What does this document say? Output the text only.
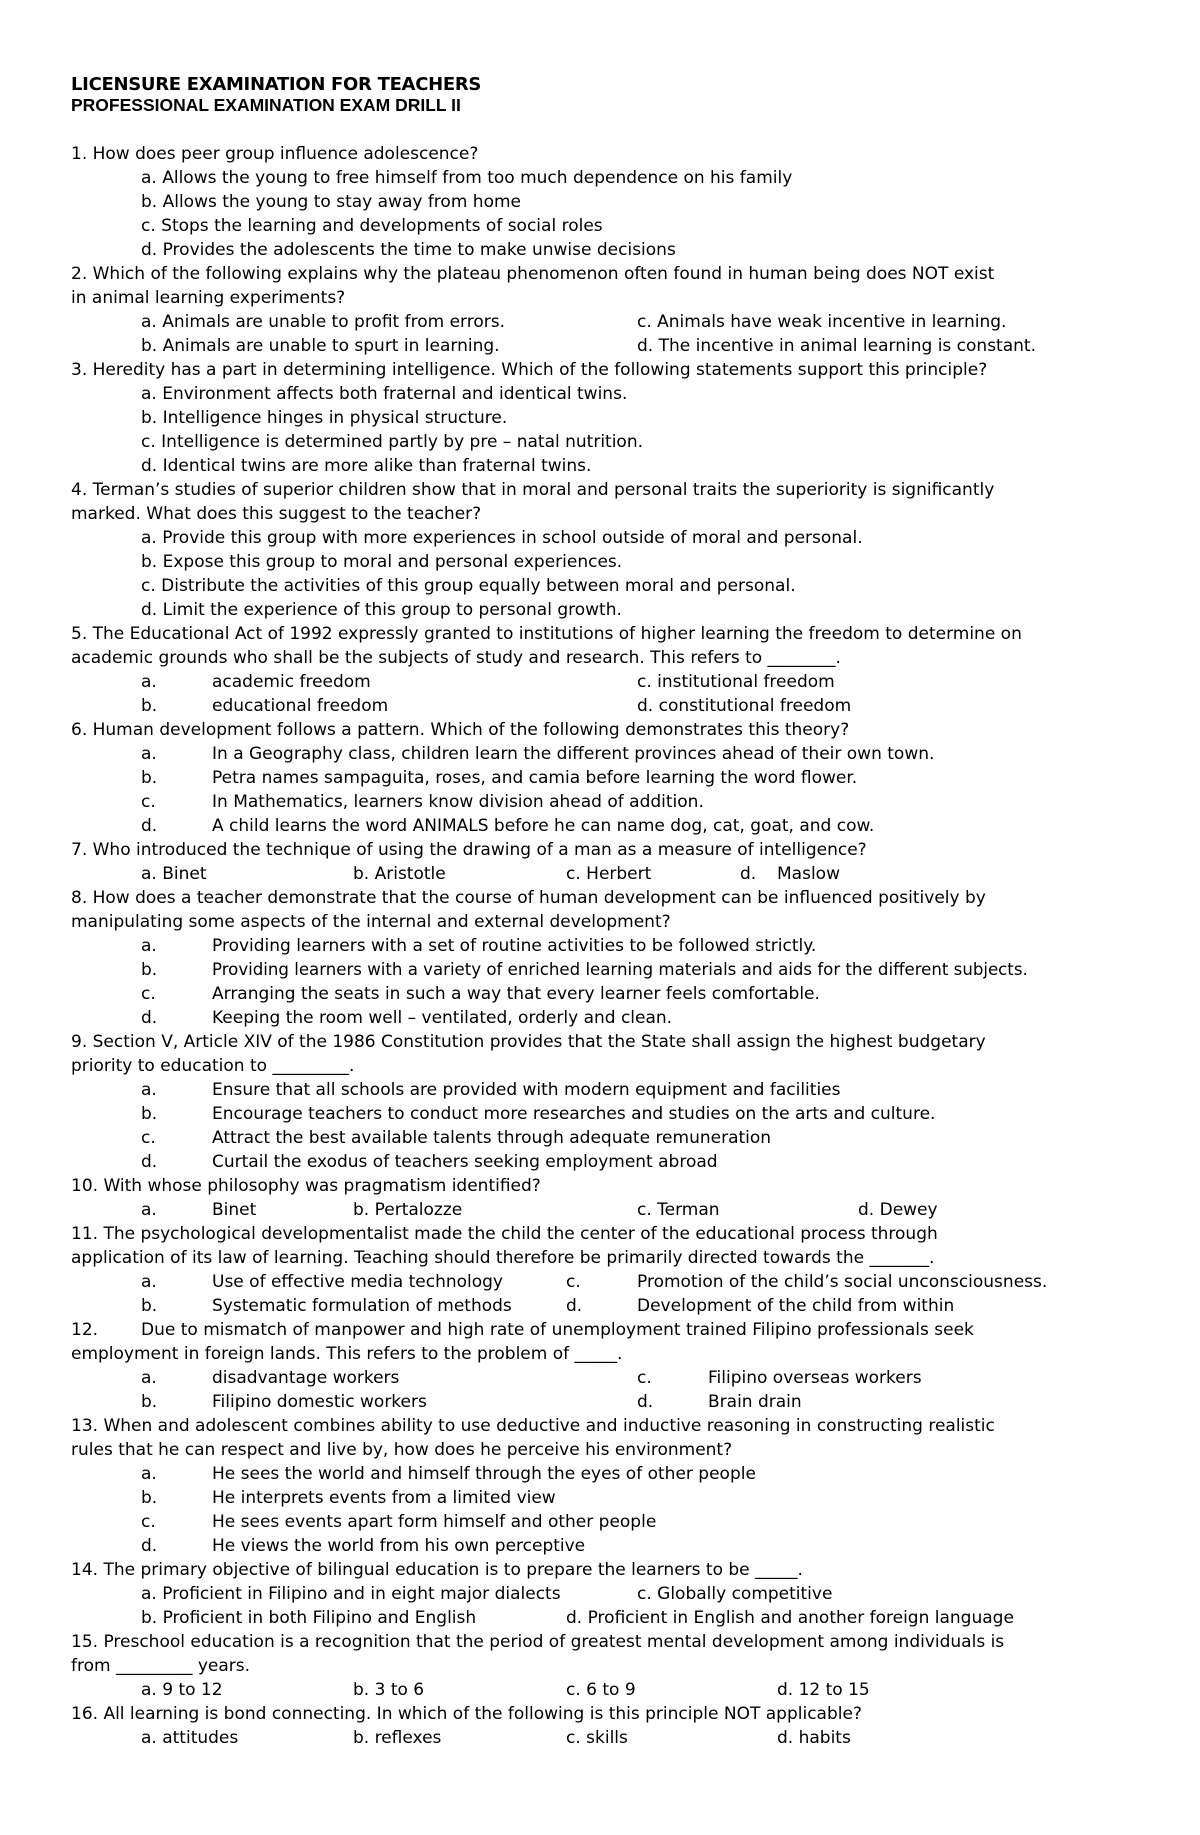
LICENSURE EXAMINATION FOR TEACHERS
PROFESSIONAL EXAMINATION EXAM DRILL II
1. How does peer group influence adolescence?
a. Allows the young to free himself from too much dependence on his family
b. Allows the young to stay away from home
c. Stops the learning and developments of social roles
d. Provides the adolescents the time to make unwise decisions
2. Which of the following explains why the plateau phenomenon often found in human being does NOT exist
in animal learning experiments?
a. Animals are unable to profit from errors.	c. Animals have weak incentive in learning.
b. Animals are unable to spurt in learning.	d. The incentive in animal learning is constant.
3. Heredity has a part in determining intelligence. Which of the following statements support this principle?
a. Environment affects both fraternal and identical twins.
b. Intelligence hinges in physical structure.
c. Intelligence is determined partly by pre – natal nutrition.
d. Identical twins are more alike than fraternal twins.
4. Terman’s studies of superior children show that in moral and personal traits the superiority is significantly
marked. What does this suggest to the teacher?
a. Provide this group with more experiences in school outside of moral and personal.
b. Expose this group to moral and personal experiences.
c. Distribute the activities of this group equally between moral and personal.
d. Limit the experience of this group to personal growth.
5. The Educational Act of 1992 expressly granted to institutions of higher learning the freedom to determine on
academic grounds who shall be the subjects of study and research. This refers to ________.
a.	academic freedom	c. institutional freedom
b.	educational freedom	d. constitutional freedom
6. Human development follows a pattern. Which of the following demonstrates this theory?
a.	In a Geography class, children learn the different provinces ahead of their own town.
b.	Petra names sampaguita, roses, and camia before learning the word flower.
c.	In Mathematics, learners know division ahead of addition.
d.	A child learns the word ANIMALS before he can name dog, cat, goat, and cow.
7. Who introduced the technique of using the drawing of a man as a measure of intelligence?
a. Binet	b. Aristotle	c. Herbert	d. Maslow
8. How does a teacher demonstrate that the course of human development can be influenced positively by
manipulating some aspects of the internal and external development?
a.	Providing learners with a set of routine activities to be followed strictly.
b.	Providing learners with a variety of enriched learning materials and aids for the different subjects.
c.	Arranging the seats in such a way that every learner feels comfortable.
d.	Keeping the room well – ventilated, orderly and clean.
9. Section V, Article XIV of the 1986 Constitution provides that the State shall assign the highest budgetary
priority to education to _________.
a.	Ensure that all schools are provided with modern equipment and facilities
b.	Encourage teachers to conduct more researches and studies on the arts and culture.
c.	Attract the best available talents through adequate remuneration
d.	Curtail the exodus of teachers seeking employment abroad
10. With whose philosophy was pragmatism identified?
a.	Binet	b. Pertalozze	c. Terman	d. Dewey
11. The psychological developmentalist made the child the center of the educational process through
application of its law of learning. Teaching should therefore be primarily directed towards the _______.
a.	Use of effective media technology	c.	Promotion of the child’s social unconsciousness.
b.	Systematic formulation of methods	d.	Development of the child from within
12.	Due to mismatch of manpower and high rate of unemployment trained Filipino professionals seek
employment in foreign lands. This refers to the problem of _____.
a.	disadvantage workers	c.	Filipino overseas workers
b.	Filipino domestic workers	d.	Brain drain
13. When and adolescent combines ability to use deductive and inductive reasoning in constructing realistic
rules that he can respect and live by, how does he perceive his environment?
a.	He sees the world and himself through the eyes of other people
b.	He interprets events from a limited view
c.	He sees events apart form himself and other people
d.	He views the world from his own perceptive
14. The primary objective of bilingual education is to prepare the learners to be _____.
a. Proficient in Filipino and in eight major dialects	c. Globally competitive
b. Proficient in both Filipino and English	d. Proficient in English and another foreign language
15. Preschool education is a recognition that the period of greatest mental development among individuals is
from _________ years.
a. 9 to 12	b. 3 to 6	c. 6 to 9	d. 12 to 15
16. All learning is bond connecting. In which of the following is this principle NOT applicable?
a. attitudes	b. reflexes	c. skills	d. habits
